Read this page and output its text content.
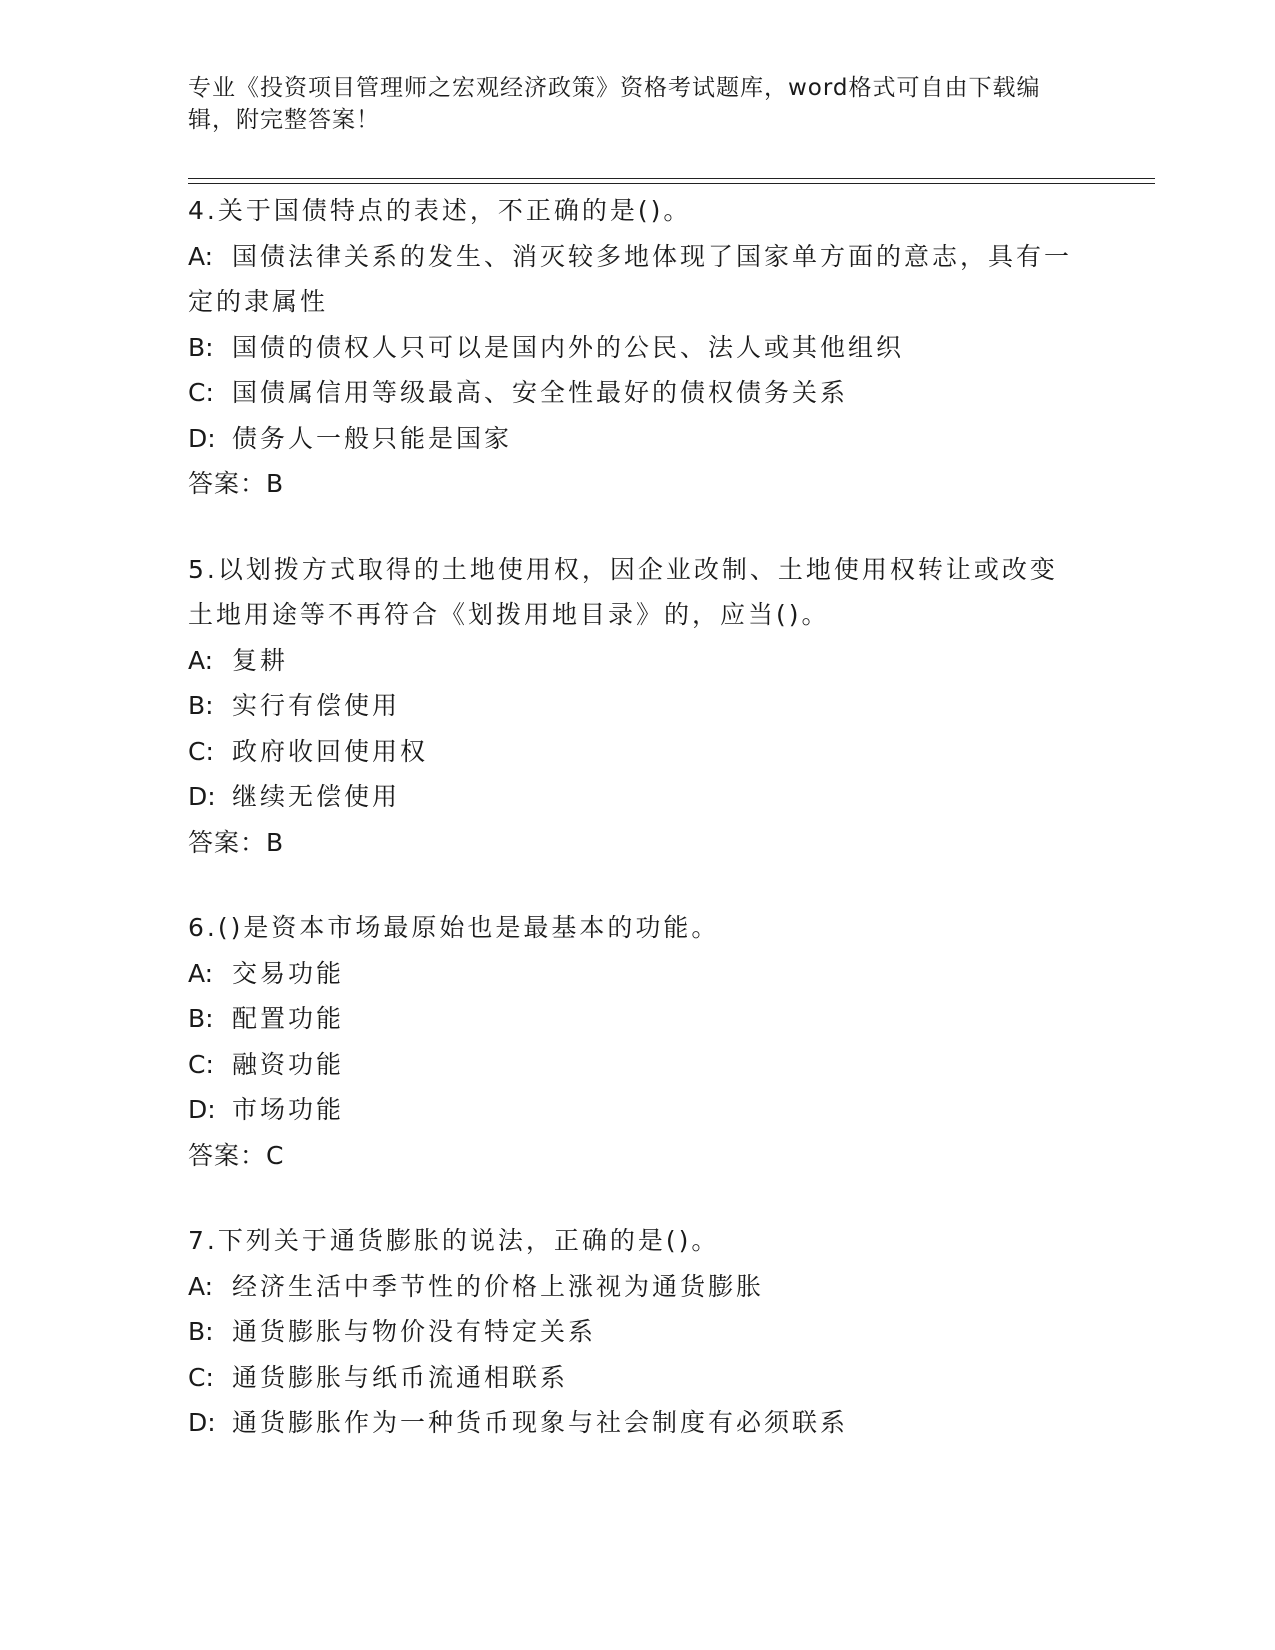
专业《投资项目管理师之宏观经济政策》资格考试题库，word格式可自由下载编辑，附完整答案！
4.关于国债特点的表述，不正确的是()。
A: 国债法律关系的发生、消灭较多地体现了国家单方面的意志，具有一定的隶属性
B: 国债的债权人只可以是国内外的公民、法人或其他组织
C: 国债属信用等级最高、安全性最好的债权债务关系
D: 债务人一般只能是国家
答案：B
5.以划拨方式取得的土地使用权，因企业改制、土地使用权转让或改变土地用途等不再符合《划拨用地目录》的，应当()。
A: 复耕
B: 实行有偿使用
C: 政府收回使用权
D: 继续无偿使用
答案：B
6.()是资本市场最原始也是最基本的功能。
A: 交易功能
B: 配置功能
C: 融资功能
D: 市场功能
答案：C
7.下列关于通货膨胀的说法，正确的是()。
A: 经济生活中季节性的价格上涨视为通货膨胀
B: 通货膨胀与物价没有特定关系
C: 通货膨胀与纸币流通相联系
D: 通货膨胀作为一种货币现象与社会制度有必须联系
